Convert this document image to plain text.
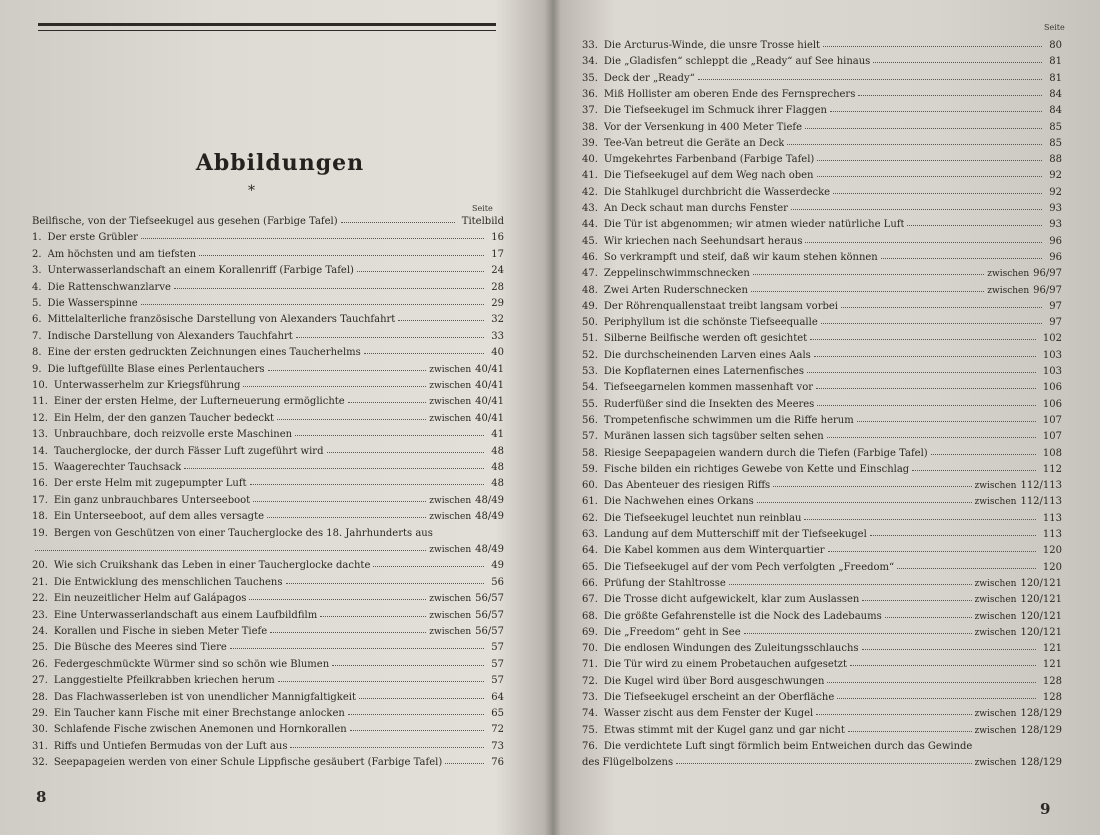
Abbildungen
*
Seite
8
Beilfische, von der Tiefseekugel aus gesehen (Farbige Tafel)	Titelbild
1. Der erste Grübler	16
2. Am höchsten und am tiefsten	17
3. Unterwasserlandschaft an einem Korallenriff (Farbige Tafel)	24
4. Die Rattenschwanzlarve	28
5. Die Wasserspinne	29
6. Mittelalterliche französische Darstellung von Alexanders Tauchfahrt	32
7. Indische Darstellung von Alexanders Tauchfahrt	33
8. Eine der ersten gedruckten Zeichnungen eines Taucherhelms	40
9. Die luftgefüllte Blase eines Perlentauchers	zwischen 40/41
10. Unterwasserhelm zur Kriegsführung	zwischen 40/41
11. Einer der ersten Helme, der Lufterneuerung ermöglichte	zwischen 40/41
12. Ein Helm, der den ganzen Taucher bedeckt	zwischen 40/41
13. Unbrauchbare, doch reizvolle erste Maschinen	41
14. Taucherglocke, der durch Fässer Luft zugeführt wird	48
15. Waagerechter Tauchsack	48
16. Der erste Helm mit zugepumpter Luft	48
17. Ein ganz unbrauchbares Unterseeboot	zwischen 48/49
18. Ein Unterseeboot, auf dem alles versagte	zwischen 48/49
19. Bergen von Geschützen von einer Taucherglocke des 18. Jahrhunderts aus
zwischen 48/49
20. Wie sich Cruikshank das Leben in einer Taucherglocke dachte	49
21. Die Entwicklung des menschlichen Tauchens	56
22. Ein neuzeitlicher Helm auf Galápagos	zwischen 56/57
23. Eine Unterwasserlandschaft aus einem Laufbildfilm	zwischen 56/57
24. Korallen und Fische in sieben Meter Tiefe	zwischen 56/57
25. Die Büsche des Meeres sind Tiere	57
26. Federgeschmückte Würmer sind so schön wie Blumen	57
27. Langgestielte Pfeilkrabben kriechen herum	57
28. Das Flachwasserleben ist von unendlicher Mannigfaltigkeit	64
29. Ein Taucher kann Fische mit einer Brechstange anlocken	65
30. Schlafende Fische zwischen Anemonen und Hornkorallen	72
31. Riffs und Untiefen Bermudas von der Luft aus	73
32. Seepapageien werden von einer Schule Lippfische gesäubert (Farbige Tafel)	76
Seite
9
33. Die Arcturus-Winde, die unsre Trosse hielt	80
34. Die „Gladisfen“ schleppt die „Ready“ auf See hinaus	81
35. Deck der „Ready“	81
36. Miß Hollister am oberen Ende des Fernsprechers	84
37. Die Tiefseekugel im Schmuck ihrer Flaggen	84
38. Vor der Versenkung in 400 Meter Tiefe	85
39. Tee-Van betreut die Geräte an Deck	85
40. Umgekehrtes Farbenband (Farbige Tafel)	88
41. Die Tiefseekugel auf dem Weg nach oben	92
42. Die Stahlkugel durchbricht die Wasserdecke	92
43. An Deck schaut man durchs Fenster	93
44. Die Tür ist abgenommen; wir atmen wieder natürliche Luft	93
45. Wir kriechen nach Seehundsart heraus	96
46. So verkrampft und steif, daß wir kaum stehen können	96
47. Zeppelinschwimmschnecken	zwischen 96/97
48. Zwei Arten Ruderschnecken	zwischen 96/97
49. Der Röhrenquallenstaat treibt langsam vorbei	97
50. Periphyllum ist die schönste Tiefseequalle	97
51. Silberne Beilfische werden oft gesichtet	102
52. Die durchscheinenden Larven eines Aals	103
53. Die Kopflaternen eines Laternenfisches	103
54. Tiefseegarnelen kommen massenhaft vor	106
55. Ruderfüßer sind die Insekten des Meeres	106
56. Trompetenfische schwimmen um die Riffe herum	107
57. Muränen lassen sich tagsüber selten sehen	107
58. Riesige Seepapageien wandern durch die Tiefen (Farbige Tafel)	108
59. Fische bilden ein richtiges Gewebe von Kette und Einschlag	112
60. Das Abenteuer des riesigen Riffs	zwischen 112/113
61. Die Nachwehen eines Orkans	zwischen 112/113
62. Die Tiefseekugel leuchtet nun reinblau	113
63. Landung auf dem Mutterschiff mit der Tiefseekugel	113
64. Die Kabel kommen aus dem Winterquartier	120
65. Die Tiefseekugel auf der vom Pech verfolgten „Freedom“	120
66. Prüfung der Stahltrosse	zwischen 120/121
67. Die Trosse dicht aufgewickelt, klar zum Auslassen	zwischen 120/121
68. Die größte Gefahrenstelle ist die Nock des Ladebaums	zwischen 120/121
69. Die „Freedom“ geht in See	zwischen 120/121
70. Die endlosen Windungen des Zuleitungsschlauchs	121
71. Die Tür wird zu einem Probetauchen aufgesetzt	121
72. Die Kugel wird über Bord ausgeschwungen	128
73. Die Tiefseekugel erscheint an der Oberfläche	128
74. Wasser zischt aus dem Fenster der Kugel	zwischen 128/129
75. Etwas stimmt mit der Kugel ganz und gar nicht	zwischen 128/129
76. Die verdichtete Luft singt förmlich beim Entweichen durch das Gewinde
des Flügelbolzens	zwischen 128/129
